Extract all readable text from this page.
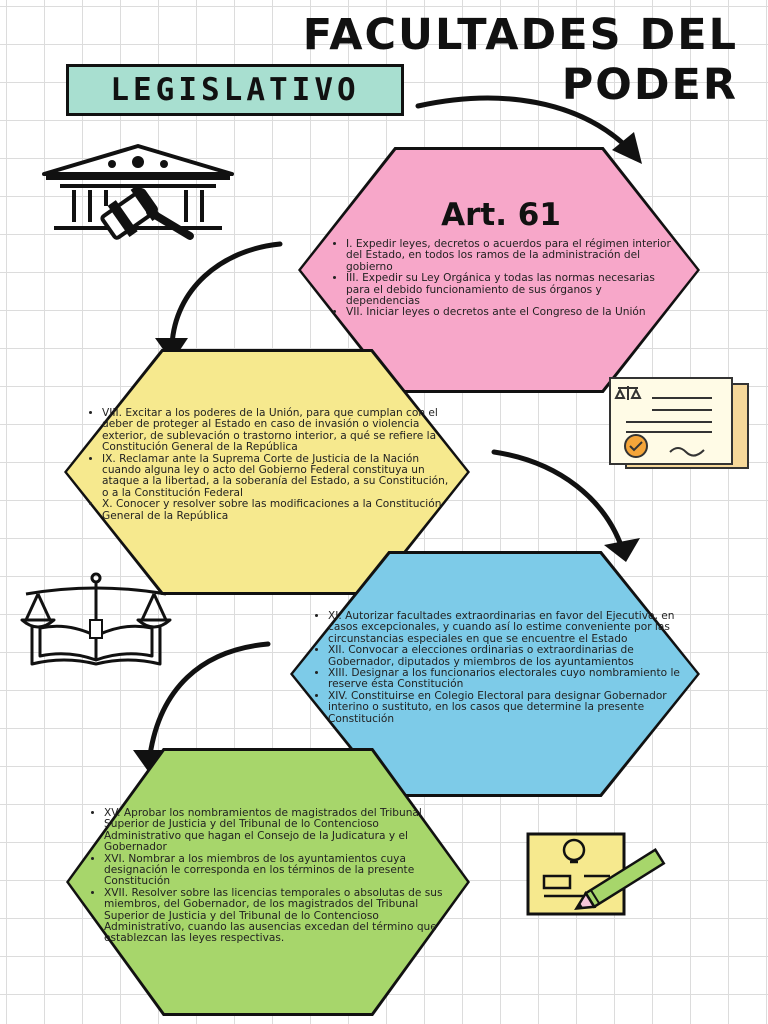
FACULTADES DEL
PODER
LEGISLATIVO
Art. 61
• I. Expedir leyes, decretos o acuerdos para el régimen interior del Estado, en todos los ramos de la administración del gobierno
• III. Expedir su Ley Orgánica y todas las normas necesarias para el debido funcionamiento de sus órganos y dependencias
• VII. Iniciar leyes o decretos ante el Congreso de la Unión
• VIII. Excitar a los poderes de la Unión, para que cumplan con el deber de proteger al Estado en caso de invasión o violencia exterior, de sublevación o trastorno interior, a qué se refiere la Constitución General de la República
• IX. Reclamar ante la Suprema Corte de Justicia de la Nación cuando alguna ley o acto del Gobierno Federal constituya un ataque a la libertad, a la soberanía del Estado, a su Constitución, o a la Constitución Federal
• X. Conocer y resolver sobre las modificaciones a la Constitución General de la República
• XI. Autorizar facultades extraordinarias en favor del Ejecutivo, en casos excepcionales, y cuando así lo estime conveniente por las circunstancias especiales en que se encuentre el Estado
• XII. Convocar a elecciones ordinarias o extraordinarias de Gobernador, diputados y miembros de los ayuntamientos
• XIII. Designar a los funcionarios electorales cuyo nombramiento le reserve ésta Constitución
• XIV. Constituirse en Colegio Electoral para designar Gobernador interino o sustituto, en los casos que determine la presente Constitución
• XV. Aprobar los nombramientos de magistrados del Tribunal Superior de Justicia y del Tribunal de lo Contencioso Administrativo que hagan el Consejo de la Judicatura y el Gobernador
• XVI. Nombrar a los miembros de los ayuntamientos cuya designación le corresponda en los términos de la presente Constitución
• XVII. Resolver sobre las licencias temporales o absolutas de sus miembros, del Gobernador, de los magistrados del Tribunal Superior de Justicia y del Tribunal de lo Contencioso Administrativo, cuando las ausencias excedan del término que establezcan las leyes respectivas.
